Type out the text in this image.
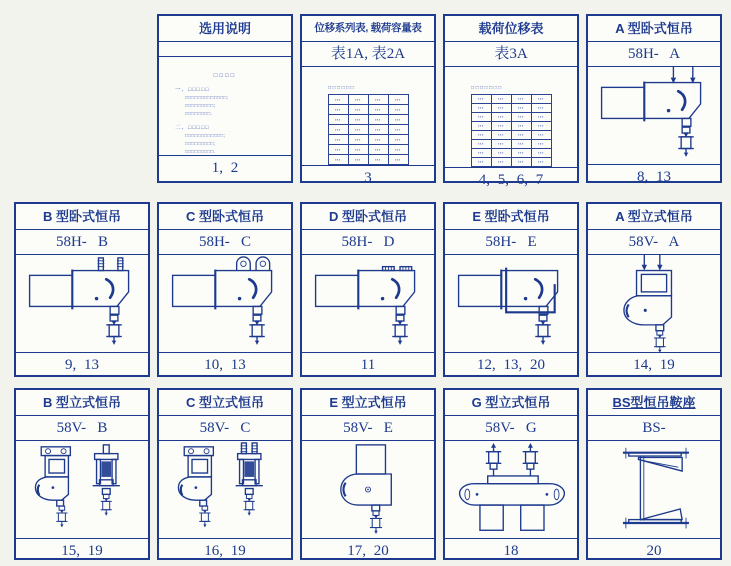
选用说明
□□□□
一、□□□□□
□□□□□□□□□□□□□;
□□□□□□□□□;
□□□□□□□□.
二、□□□□□
□□□□□□□□□□□□;
□□□□□□□□□;
□□□□□□□□□.
1, 2
位移系列表, 载荷容量表
表1A, 表2A
□□□□□□
▪▪▪	▪▪▪	▪▪▪	▪▪▪
▪▪▪	▪▪▪	▪▪▪	▪▪▪
▪▪▪	▪▪▪	▪▪▪	▪▪▪
▪▪▪	▪▪▪	▪▪▪	▪▪▪
▪▪▪	▪▪▪	▪▪▪	▪▪▪
▪▪▪	▪▪▪	▪▪▪	▪▪▪
▪▪▪	▪▪▪	▪▪▪	▪▪▪
3
载荷位移表
表3A
□□□□□□□
▪▪▪	▪▪▪	▪▪▪	▪▪▪
▪▪▪	▪▪▪	▪▪▪	▪▪▪
▪▪▪	▪▪▪	▪▪▪	▪▪▪
▪▪▪	▪▪▪	▪▪▪	▪▪▪
▪▪▪	▪▪▪	▪▪▪	▪▪▪
▪▪▪	▪▪▪	▪▪▪	▪▪▪
▪▪▪	▪▪▪	▪▪▪	▪▪▪
▪▪▪	▪▪▪	▪▪▪	▪▪▪
4, 5, 6, 7
A 型卧式恒吊
58H-   A
8, 13
B 型卧式恒吊
58H-   B
9, 13
C 型卧式恒吊
58H-   C
10, 13
D 型卧式恒吊
58H-   D
11
E 型卧式恒吊
58H-   E
12, 13, 20
A 型立式恒吊
58V-   A
14, 19
B 型立式恒吊
58V-   B
15, 19
C 型立式恒吊
58V-   C
16, 19
E 型立式恒吊
58V-   E
17, 20
G 型立式恒吊
58V-   G
18
BS型恒吊鞍座
BS-
20
